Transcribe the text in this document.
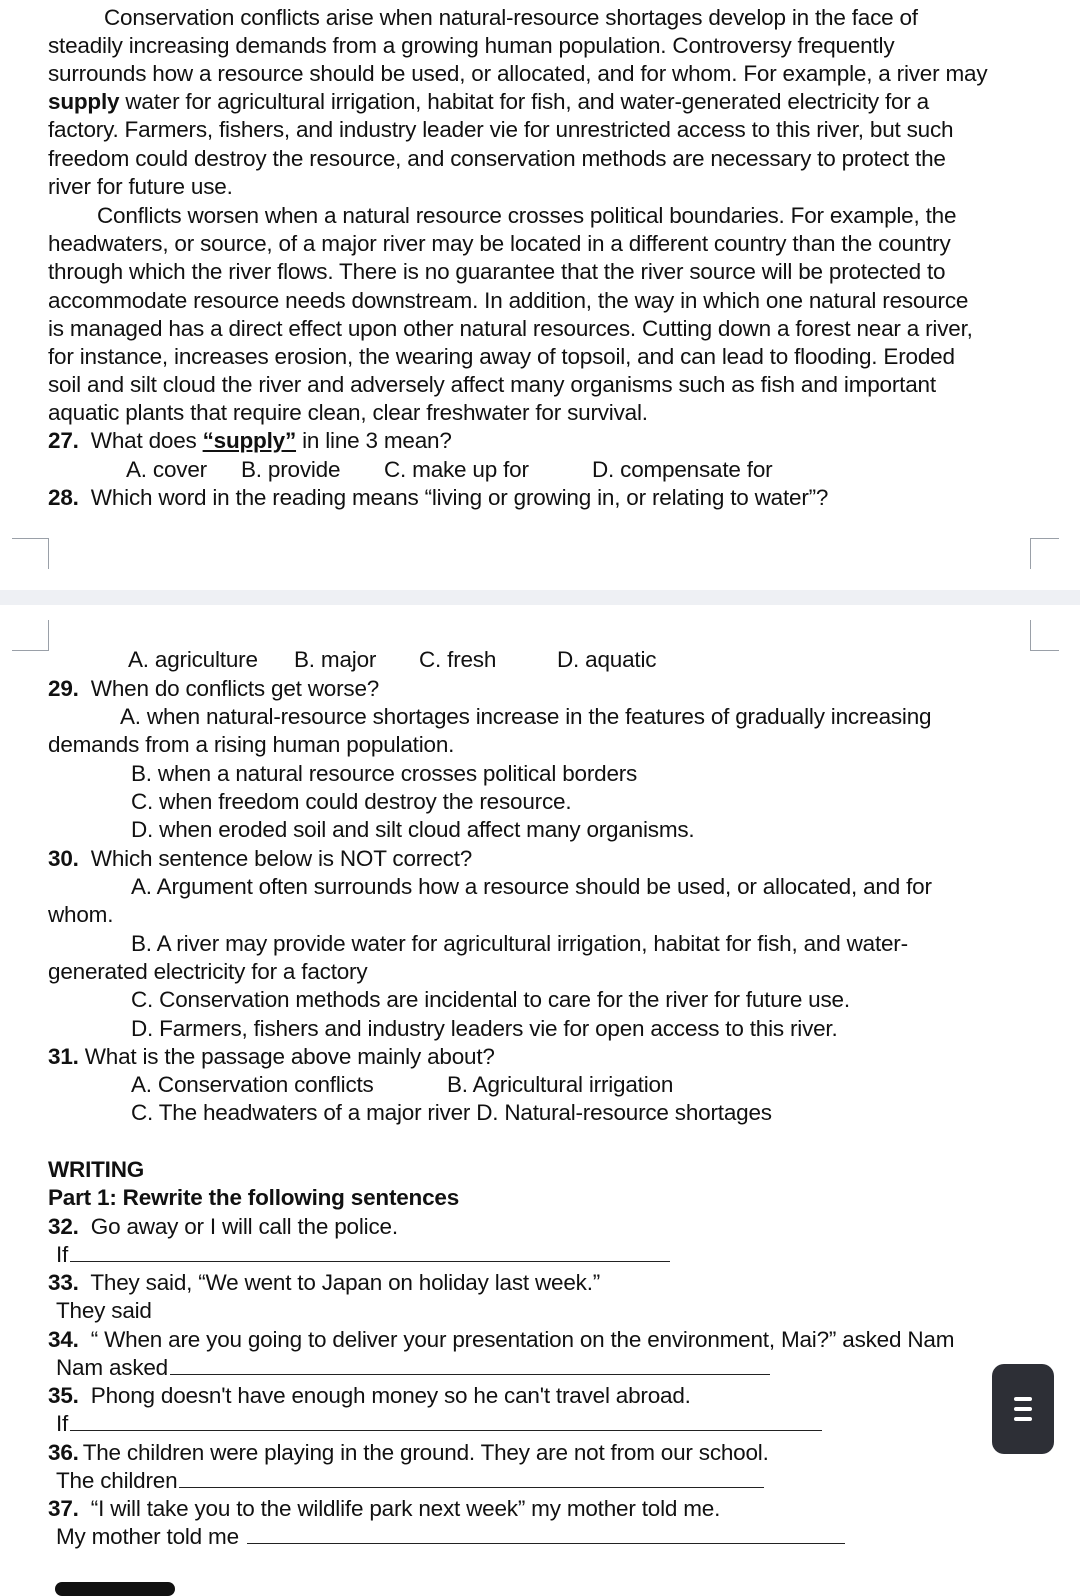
Conservation conflicts arise when natural-resource shortages develop in the face of
steadily increasing demands from a growing human population. Controversy frequently
surrounds how a resource should be used, or allocated, and for whom. For example, a river may
supply water for agricultural irrigation, habitat for fish, and water-generated electricity for a
factory. Farmers, fishers, and industry leader vie for unrestricted access to this river, but such
freedom could destroy the resource, and conservation methods are necessary to protect the
river for future use.
Conflicts worsen when a natural resource crosses political boundaries. For example, the
headwaters, or source, of a major river may be located in a different country than the country
through which the river flows. There is no guarantee that the river source will be protected to
accommodate resource needs downstream. In addition, the way in which one natural resource
is managed has a direct effect upon other natural resources. Cutting down a forest near a river,
for instance, increases erosion, the wearing away of topsoil, and can lead to flooding. Eroded
soil and silt cloud the river and adversely affect many organisms such as fish and important
aquatic plants that require clean, clear freshwater for survival.
27. What does “supply” in line 3 mean?
A. cover B. provide C. make up for	D. compensate for
28. Which word in the reading means “living or growing in, or relating to water”?
A. agriculture B. major C. fresh	D. aquatic
29. When do conflicts get worse?
A. when natural-resource shortages increase in the features of gradually increasing
demands from a rising human population.
B. when a natural resource crosses political borders
C. when freedom could destroy the resource.
D. when eroded soil and silt cloud affect many organisms.
30. Which sentence below is NOT correct?
A. Argument often surrounds how a resource should be used, or allocated, and for
whom.
B. A river may provide water for agricultural irrigation, habitat for fish, and water-
generated electricity for a factory
C. Conservation methods are incidental to care for the river for future use.
D. Farmers, fishers and industry leaders vie for open access to this river.
31. What is the passage above mainly about?
A. Conservation conflicts	B. Agricultural irrigation
C. The headwaters of a major river D. Natural-resource shortages
WRITING
Part 1: Rewrite the following sentences
32. Go away or I will call the police.
If
33. They said, “We went to Japan on holiday last week.”
They said
34. “ When are you going to deliver your presentation on the environment, Mai?” asked Nam
Nam asked
35. Phong doesn't have enough money so he can't travel abroad.
If
36. The children were playing in the ground. They are not from our school.
The children
37. “I will take you to the wildlife park next week” my mother told me.
My mother told me
